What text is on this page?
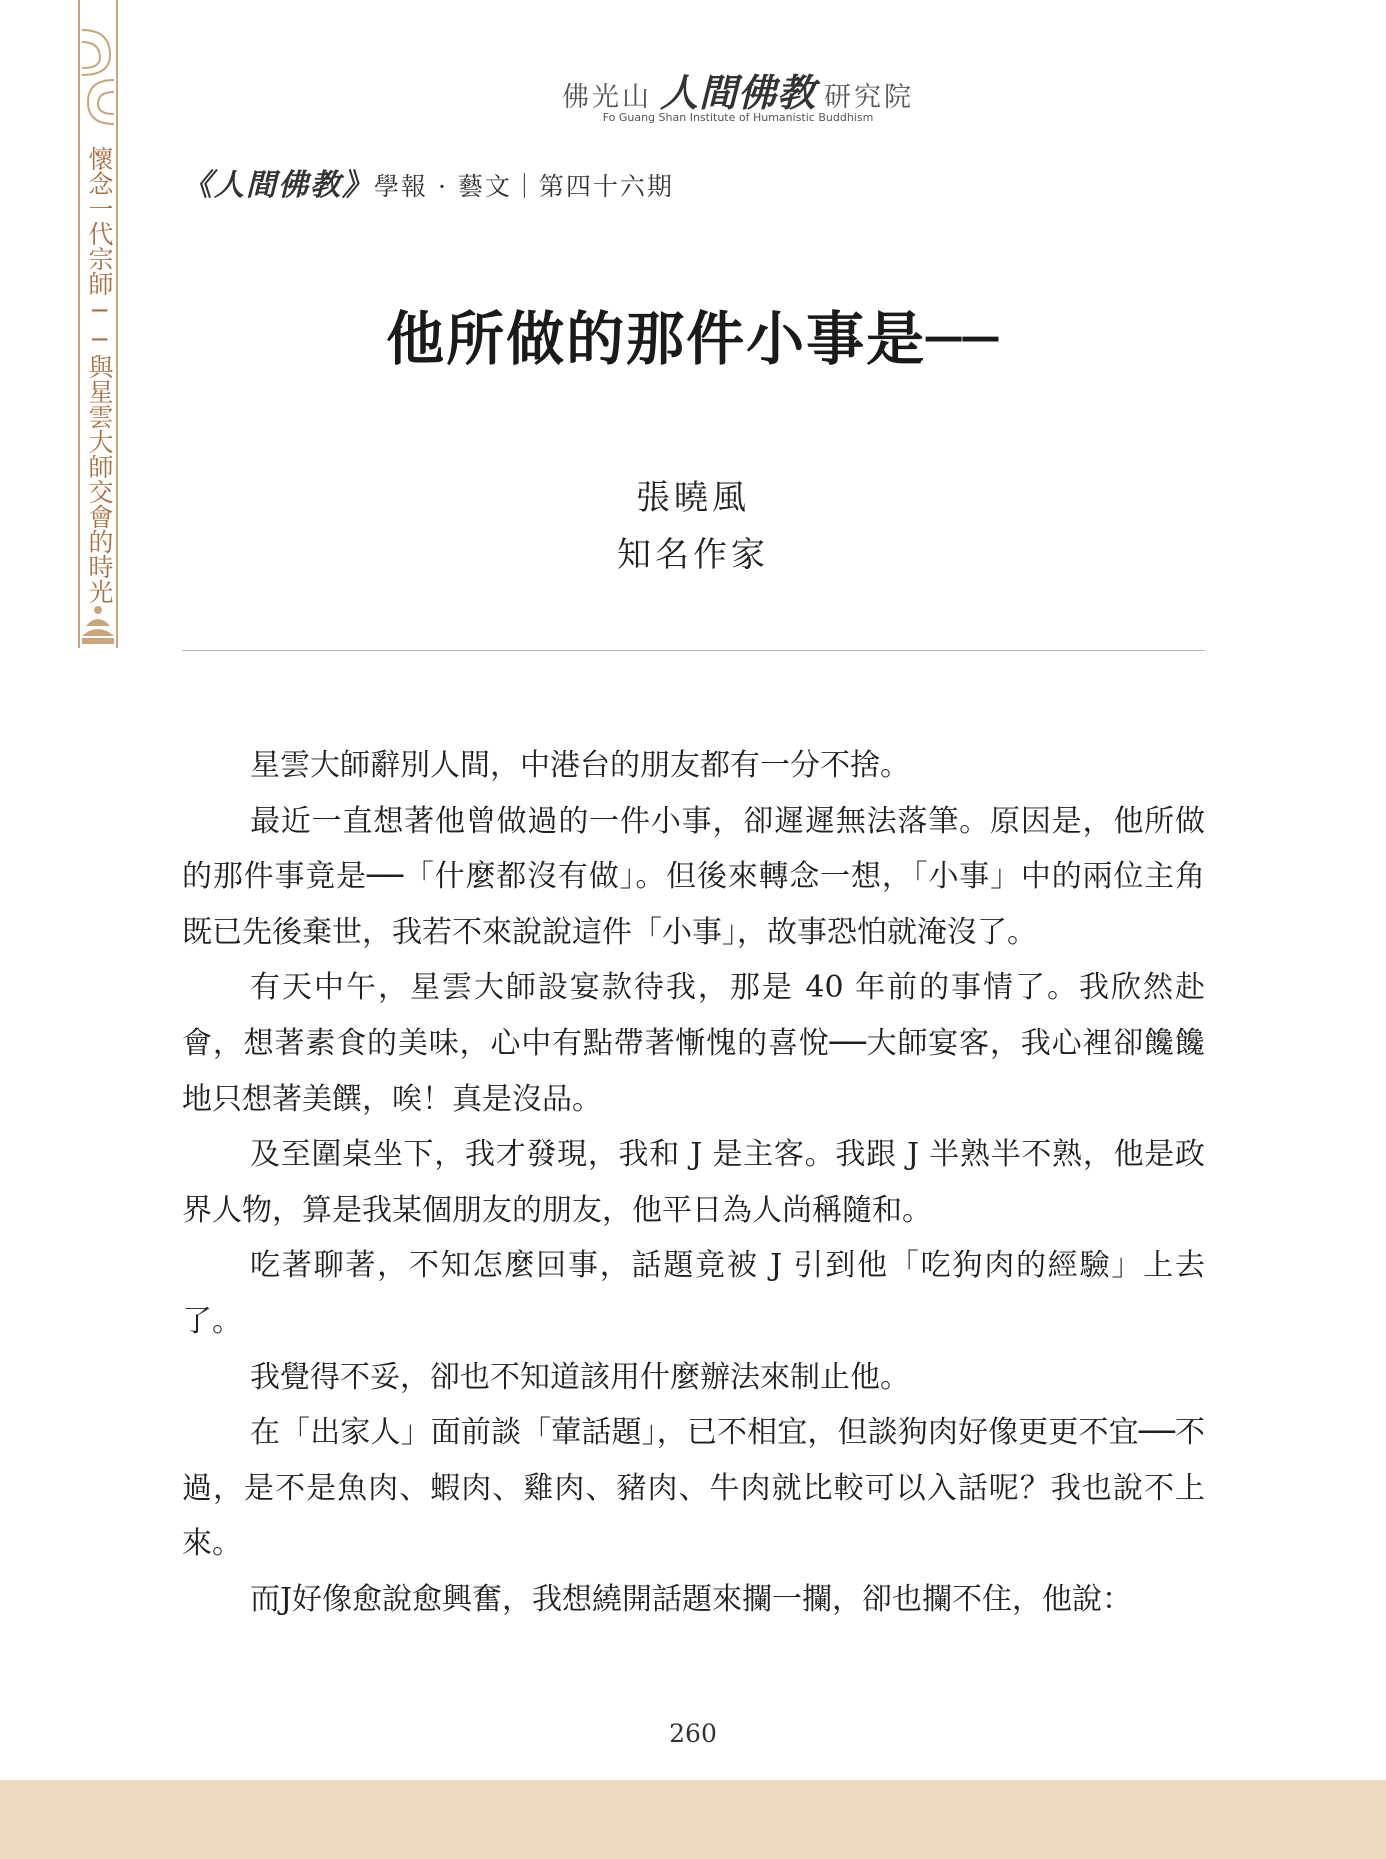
懷念一代宗師──與星雲大師交會的時光
佛光山 人間佛教 研究院
Fo Guang Shan Institute of Humanistic Buddhism
《人間佛教》學報 · 藝文｜第四十六期
他所做的那件小事是──
張曉風
知名作家

星雲大師辭別人間，中港台的朋友都有一分不捨。

最近一直想著他曾做過的一件小事，卻遲遲無法落筆。原因是，他所做的那件事竟是──「什麼都沒有做」。但後來轉念一想，「小事」中的兩位主角既已先後棄世，我若不來說說這件「小事」，故事恐怕就淹沒了。

有天中午，星雲大師設宴款待我，那是 40 年前的事情了。我欣然赴會，想著素食的美味，心中有點帶著慚愧的喜悅──大師宴客，我心裡卻饞饞地只想著美饌，唉！真是沒品。

及至圍桌坐下，我才發現，我和 J 是主客。我跟 J 半熟半不熟，他是政界人物，算是我某個朋友的朋友，他平日為人尚稱隨和。

吃著聊著，不知怎麼回事，話題竟被 J 引到他「吃狗肉的經驗」上去了。

我覺得不妥，卻也不知道該用什麼辦法來制止他。

在「出家人」面前談「葷話題」，已不相宜，但談狗肉好像更更不宜──不過，是不是魚肉、蝦肉、雞肉、豬肉、牛肉就比較可以入話呢？我也說不上來。

而J好像愈說愈興奮，我想繞開話題來攔一攔，卻也攔不住，他說：

260
